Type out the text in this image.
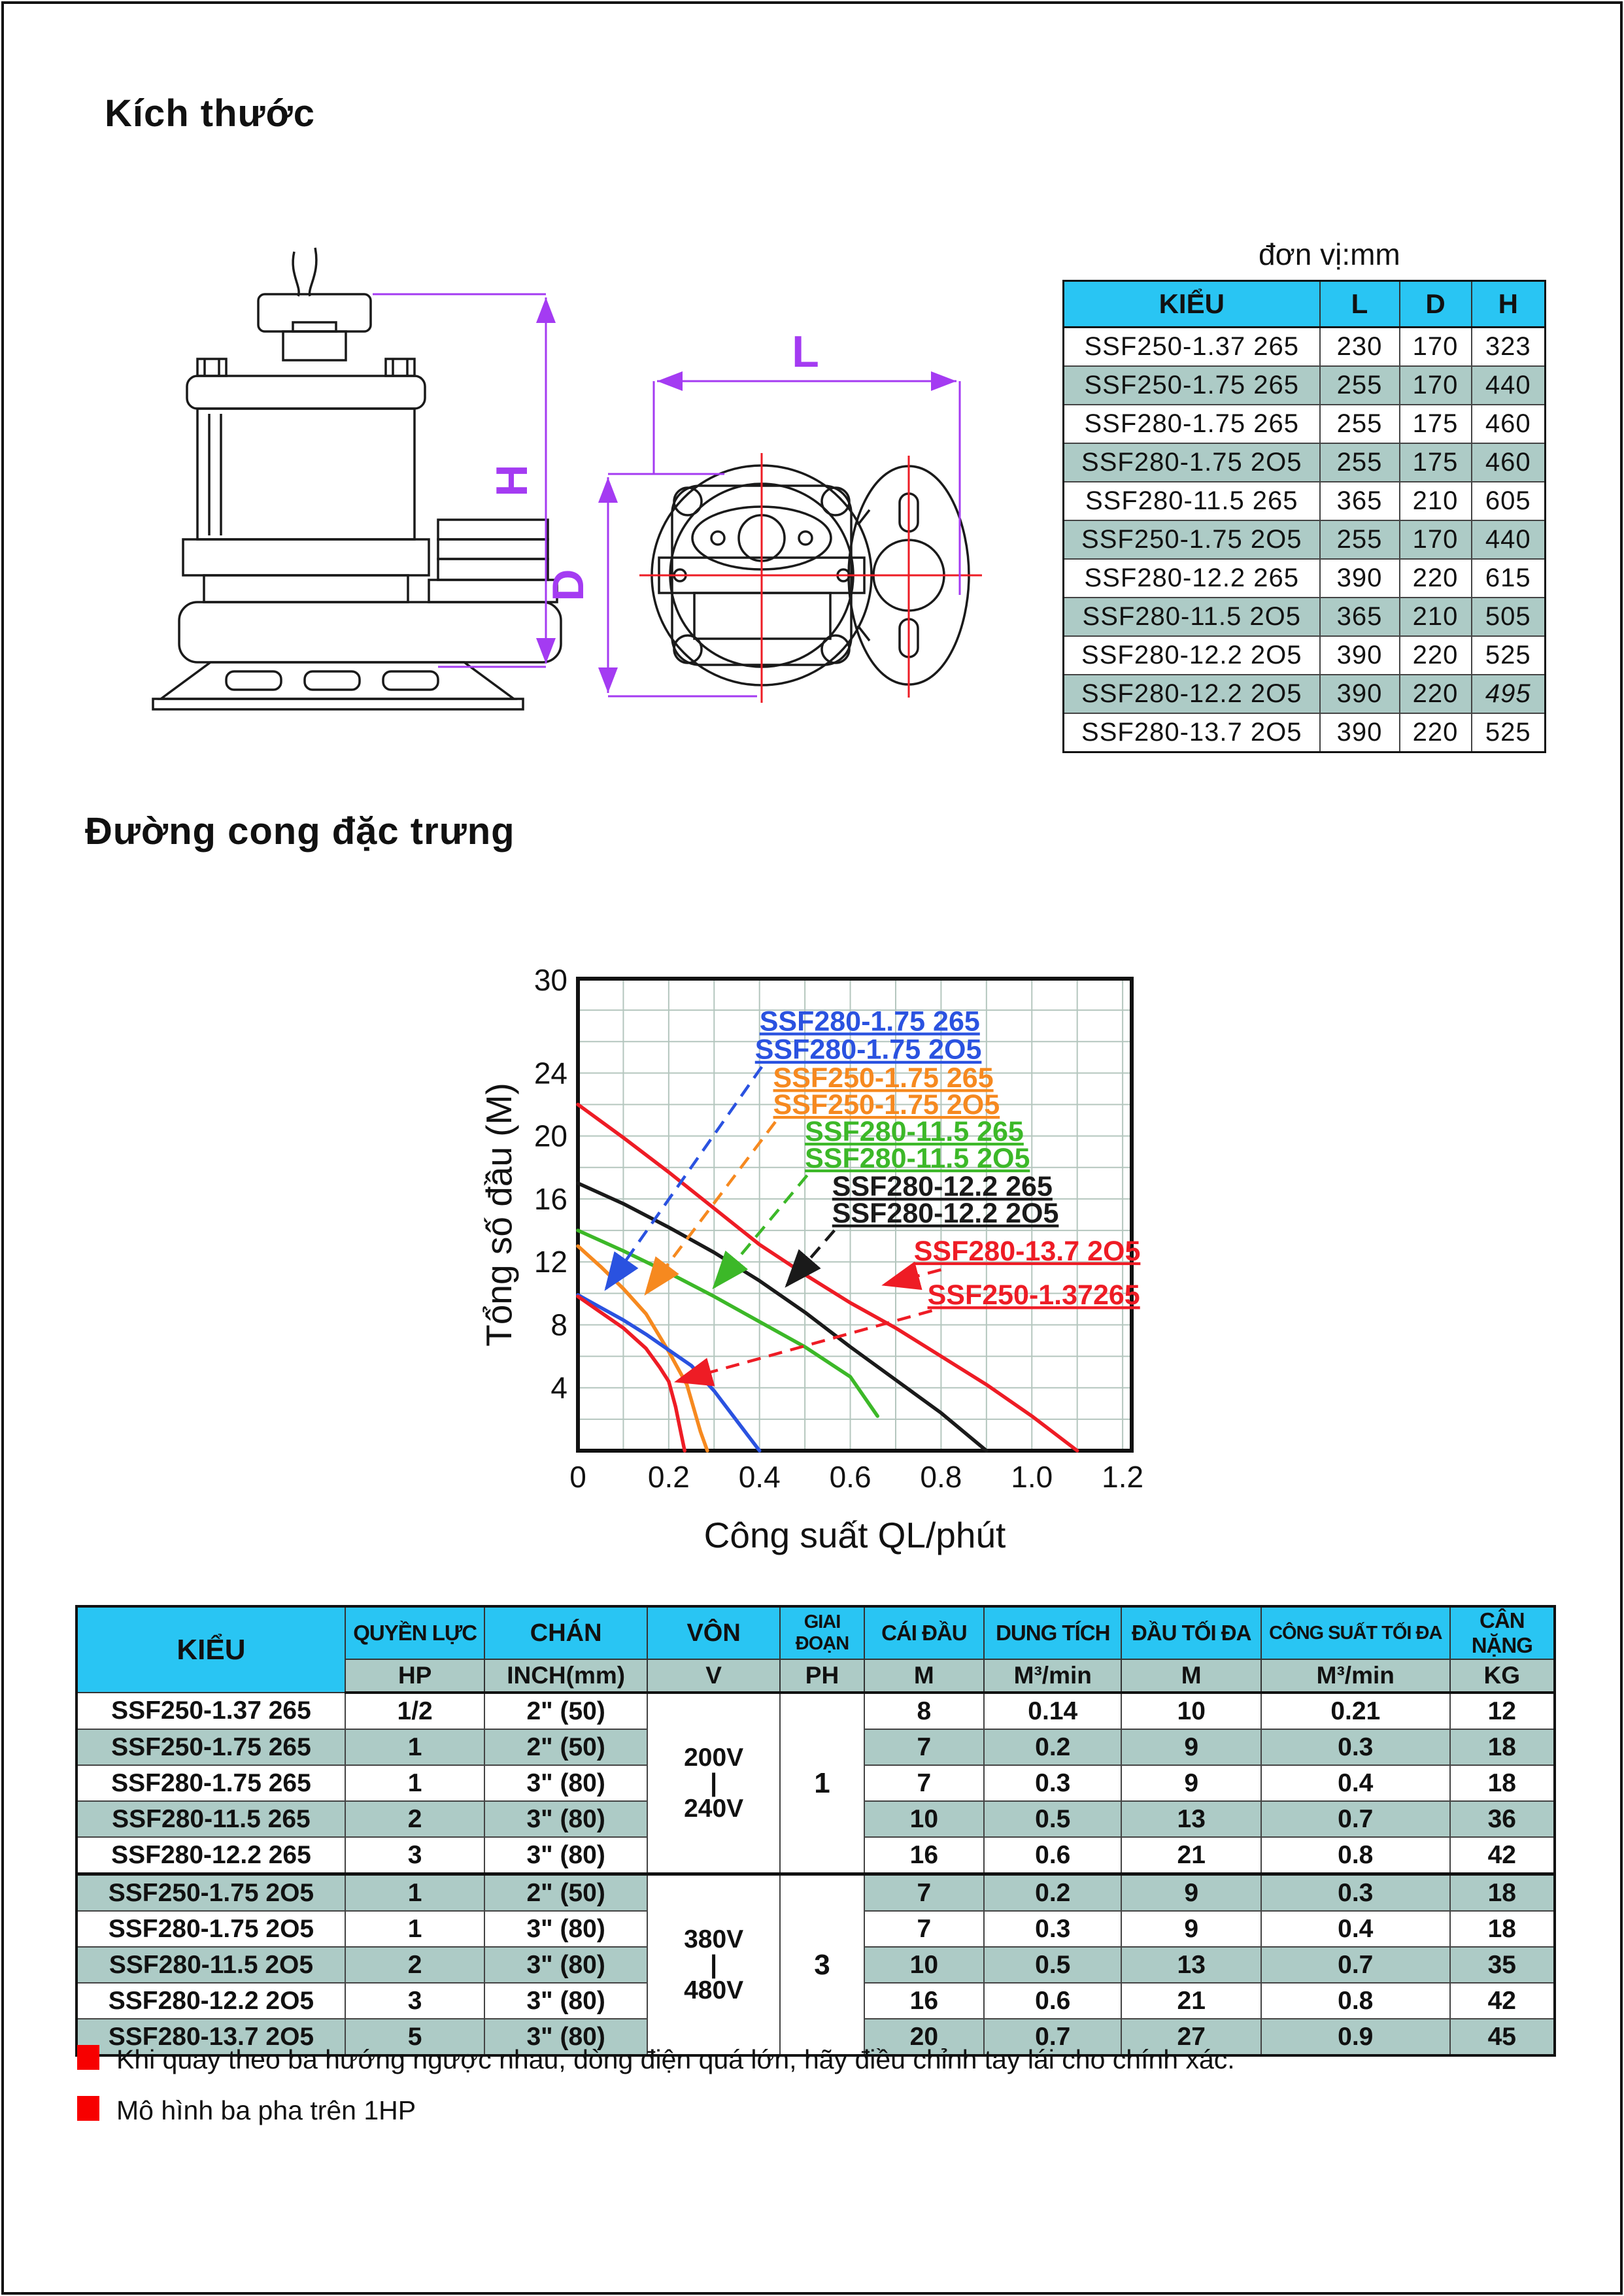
Kích thước
H
L
D
đơn vị:mm
KIỂU	L	D	H
SSF250-1.37 265	230	170	323
SSF250-1.75 265	255	170	440
SSF280-1.75 265	255	175	460
SSF280-1.75 2O5	255	175	460
SSF280-11.5 265	365	210	605
SSF250-1.75 2O5	255	170	440
SSF280-12.2 265	390	220	615
SSF280-11.5 2O5	365	210	505
SSF280-12.2 2O5	390	220	525
SSF280-12.2 2O5	390	220	495
SSF280-13.7 2O5	390	220	525
Đường cong đặc trưng
0 0.2 0.4 0.6 0.8 1.0 1.2
4
8
12
16
20
24
30
Tổng số đầu (M)
Công suất QL/phút
SSF280-1.75 265
SSF280-1.75 2O5
SSF250-1.75 265
SSF250-1.75 2O5
SSF280-11.5 265
SSF280-11.5 2O5
SSF280-12.2 265
SSF280-12.2 2O5
SSF280-13.7 2O5
SSF250-1.37265
KIỂU	QUYỀN LỰC	CHÁN	VÔN	GIAI ĐOẠN	CÁI ĐẦU	DUNG TÍCH	ĐẦU TỐI ĐA	CÔNG SUẤT TỐI ĐA	CÂN NẶNG
	HP	INCH(mm)	V	PH	M	M³/min	M	M³/min	KG
SSF250-1.37 265	1/2	2" (50)	200V
|
240V	1	8	0.14	10	0.21	12
SSF250-1.75 265	1	2" (50)			7	0.2	9	0.3	18
SSF280-1.75 265	1	3" (80)			7	0.3	9	0.4	18
SSF280-11.5 265	2	3" (80)			10	0.5	13	0.7	36
SSF280-12.2 265	3	3" (80)			16	0.6	21	0.8	42
SSF250-1.75 2O5	1	2" (50)	380V
|
480V	3	7	0.2	9	0.3	18
SSF280-1.75 2O5	1	3" (80)			7	0.3	9	0.4	18
SSF280-11.5 2O5	2	3" (80)			10	0.5	13	0.7	35
SSF280-12.2 2O5	3	3" (80)			16	0.6	21	0.8	42
SSF280-13.7 2O5	5	3" (80)			20	0.7	27	0.9	45
Khi quay theo ba hướng ngược nhau, dòng điện quá lớn, hãy điều chỉnh tay lái cho chính xác.
Mô hình ba pha trên 1HP
